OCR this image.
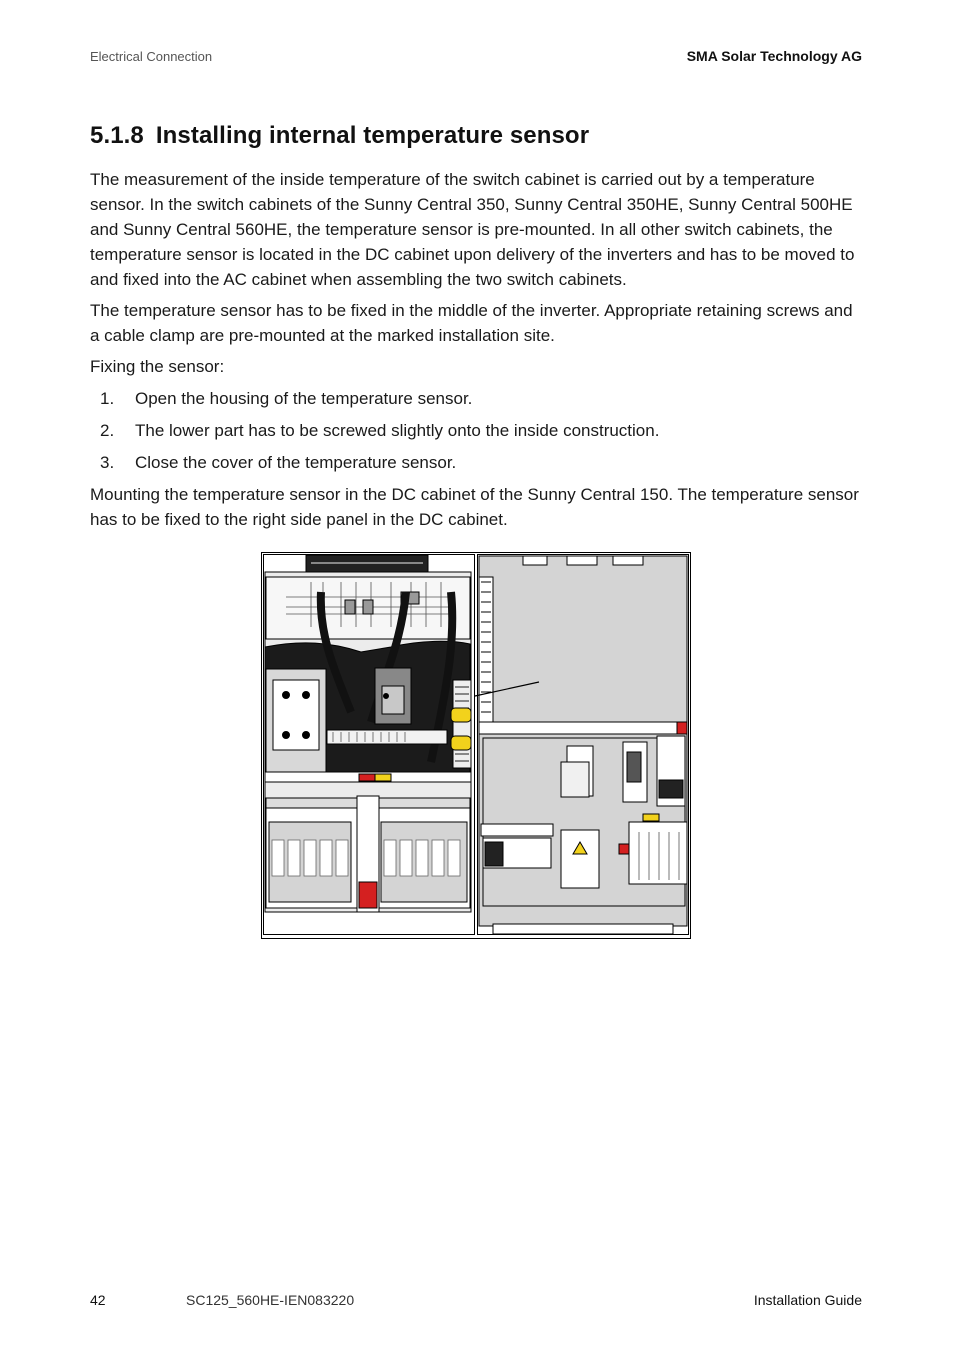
Electrical Connection	SMA Solar Technology AG
5.1.8 Installing internal temperature sensor

The measurement of the inside temperature of the switch cabinet is carried out by a temperature sensor. In the switch cabinets of the Sunny Central 350, Sunny Central 350HE, Sunny Central 500HE and Sunny Central 560HE, the temperature sensor is pre-mounted. In all other switch cabinets, the temperature sensor is located in the DC cabinet upon delivery of the inverters and has to be moved to and fixed into the AC cabinet when assembling the two switch cabinets.

The temperature sensor has to be fixed in the middle of the inverter. Appropriate retaining screws and a cable clamp are pre-mounted at the marked installation site.

Fixing the sensor:

1. Open the housing of the temperature sensor.
2. The lower part has to be screwed slightly onto the inside construction.
3. Close the cover of the temperature sensor.

Mounting the temperature sensor in the DC cabinet of the Sunny Central 150. The temperature sensor has to be fixed to the right side panel in the DC cabinet.

42	SC125_560HE-IEN083220	Installation Guide
